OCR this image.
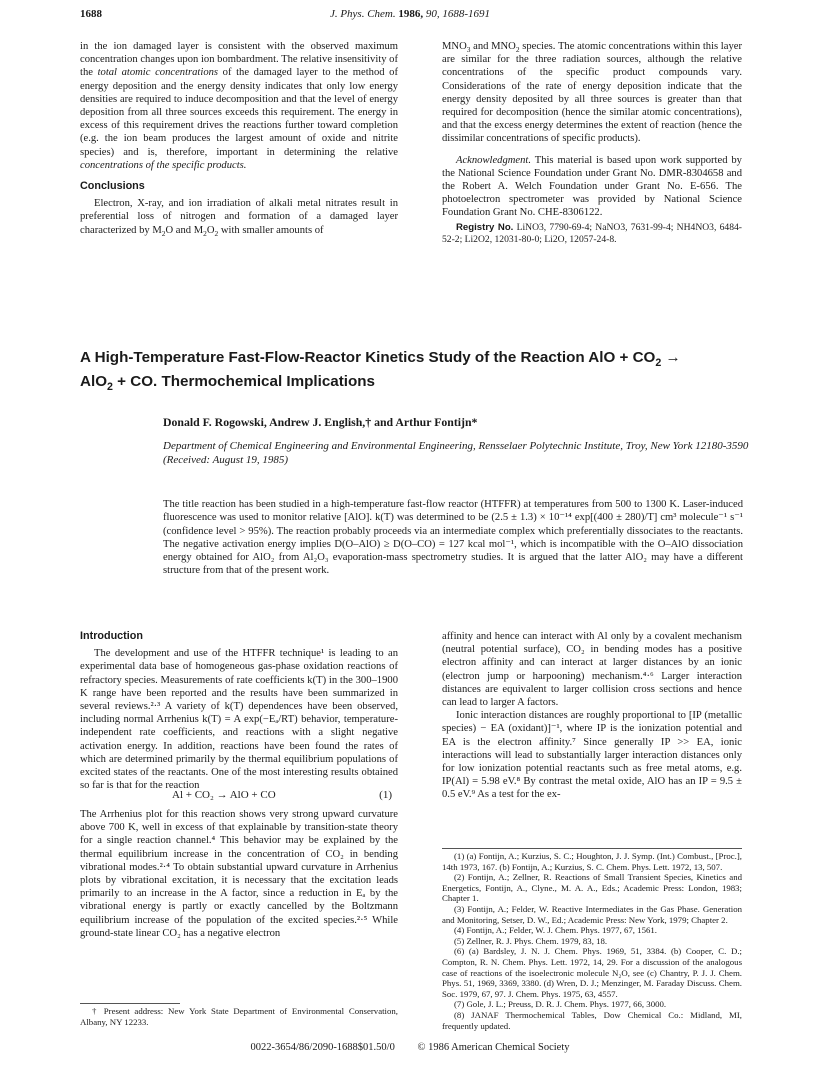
1688	J. Phys. Chem. 1986, 90, 1688-1691

in the ion damaged layer is consistent with the observed maximum concentration changes upon ion bombardment. The relative insensitivity of the total atomic concentrations of the damaged layer to the method of energy deposition and the energy density indicates that only low energy densities are required to induce decomposition and that the level of energy deposition from all three sources exceeds this requirement. The energy in excess of this requirement drives the reactions further toward completion (e.g. the ion beam produces the largest amount of oxide and nitrite species) and is, therefore, important in determining the relative concentrations of the specific products.

Conclusions

Electron, X-ray, and ion irradiation of alkali metal nitrates result in preferential loss of nitrogen and formation of a damaged layer characterized by $M_2O$ and $M_2O_2$ with smaller amounts of

$MNO_3$ and $MNO_2$ species. The atomic concentrations within this layer are similar for the three radiation sources, although the relative concentrations of the specific product compounds vary. Considerations of the rate of energy deposition indicate that the energy density deposited by all three sources is greater than that required for decomposition (hence the similar atomic concentrations), and that the excess energy determines the extent of reaction (hence the dissimilar concentrations of specific products).

Acknowledgment. This material is based upon work supported by the National Science Foundation under Grant No. DMR-8304658 and the Robert A. Welch Foundation under Grant No. E-656. The photoelectron spectrometer was provided by National Science Foundation Grant No. CHE-8306122.

Registry No. LiNO3, 7790-69-4; NaNO3, 7631-99-4; NH4NO3, 6484-52-2; Li2O2, 12031-80-0; Li2O, 12057-24-8.

A High-Temperature Fast-Flow-Reactor Kinetics Study of the Reaction AlO + $CO_2$ →
AlO$_2$ + CO. Thermochemical Implications
Donald F. Rogowski, Andrew J. English,† and Arthur Fontijn*
Department of Chemical Engineering and Environmental Engineering, Rensselaer Polytechnic Institute, Troy, New York 12180-3590 (Received: August 19, 1985)
The title reaction has been studied in a high-temperature fast-flow reactor (HTFFR) at temperatures from 500 to 1300 K. Laser-induced fluorescence was used to monitor relative [AlO]. k(T) was determined to be (2.5 ± 1.3) × 10⁻¹⁴ exp[(400 ± 280)/T] cm³ molecule⁻¹ s⁻¹ (confidence level > 95%). The reaction probably proceeds via an intermediate complex which preferentially dissociates to the reactants. The negative activation energy implies D(O–AlO) ≥ D(O–CO) = 127 kcal mol⁻¹, which is incompatible with the O–AlO dissociation energy obtained for AlO₂ from Al₂O₃ evaporation-mass spectrometry studies. It is argued that the latter AlO₂ may have a different structure from that of the present work.
Introduction

The development and use of the HTFFR technique¹ is leading to an experimental data base of homogeneous gas-phase oxidation reactions of refractory species. Measurements of rate coefficients k(T) in the 300–1900 K range have been reported and the results have been summarized in several reviews.²·³ A variety of k(T) dependences have been observed, including normal Arrhenius k(T) = A exp(−Eₐ/RT) behavior, temperature-independent rate coefficients, and reactions with a slight negative activation energy. In addition, reactions have been found the rates of which are determined primarily by the thermal equilibrium populations of excited states of the reactants. One of the most interesting results obtained so far is that for the reaction

Al + CO₂ → AlO + CO	(1)

The Arrhenius plot for this reaction shows very strong upward curvature above 700 K, well in excess of that explainable by transition-state theory for a single reaction channel.⁴ This behavior may be explained by the thermal equilibrium increase in the concentration of CO₂ in bending vibrational modes.²·⁴ To obtain substantial upward curvature in Arrhenius plots by vibrational excitation, it is necessary that the excitation leads primarily to an increase in the A factor, since a reduction in Eₐ by the vibrational energy is partly or exactly cancelled by the Boltzmann equilibrium increase of the population of the excited species.²·⁵ While ground-state linear CO₂ has a negative electron

† Present address: New York State Department of Environmental Conservation, Albany, NY 12233.

affinity and hence can interact with Al only by a covalent mechanism (neutral potential surface), CO₂ in bending modes has a positive electron affinity and can interact at larger distances by an ionic (electron jump or harpooning) mechanism.⁴·⁶ Larger interaction distances are equivalent to larger collision cross sections and hence can lead to larger A factors.

Ionic interaction distances are roughly proportional to [IP (metallic species) − EA (oxidant)]⁻¹, where IP is the ionization potential and EA is the electron affinity.⁷ Since generally IP >> EA, ionic interactions will lead to substantially larger interaction distances only for low ionization potential reactants such as free metal atoms, e.g. IP(Al) = 5.98 eV.⁸ By contrast the metal oxide, AlO has an IP = 9.5 ± 0.5 eV.⁹ As a test for the ex-

(1) (a) Fontijn, A.; Kurzius, S. C.; Houghton, J. J. Symp. (Int.) Combust., [Proc.], 14th 1973, 167. (b) Fontijn, A.; Kurzius, S. C. Chem. Phys. Lett. 1972, 13, 507.

(2) Fontijn, A.; Zellner, R. Reactions of Small Transient Species, Kinetics and Energetics, Fontijn, A., Clyne., M. A. A., Eds.; Academic Press: London, 1983; Chapter 1.

(3) Fontijn, A.; Felder, W. Reactive Intermediates in the Gas Phase. Generation and Monitoring, Setser, D. W., Ed.; Academic Press: New York, 1979; Chapter 2.

(4) Fontijn, A.; Felder, W. J. Chem. Phys. 1977, 67, 1561.

(5) Zellner, R. J. Phys. Chem. 1979, 83, 18.

(6) (a) Bardsley, J. N. J. Chem. Phys. 1969, 51, 3384. (b) Cooper, C. D.; Compton, R. N. Chem. Phys. Lett. 1972, 14, 29. For a discussion of the analogous case of reactions of the isoelectronic molecule N₂O, see (c) Chantry, P. J. J. Chem. Phys. 51, 1969, 3369, 3380. (d) Wren, D. J.; Menzinger, M. Faraday Discuss. Chem. Soc. 1979, 67, 97. J. Chem. Phys. 1975, 63, 4557.

(7) Gole, J. L.; Preuss, D. R. J. Chem. Phys. 1977, 66, 3000.

(8) JANAF Thermochemical Tables, Dow Chemical Co.: Midland, MI, frequently updated.

0022-3654/86/2090-1688$01.50/0 © 1986 American Chemical Society
